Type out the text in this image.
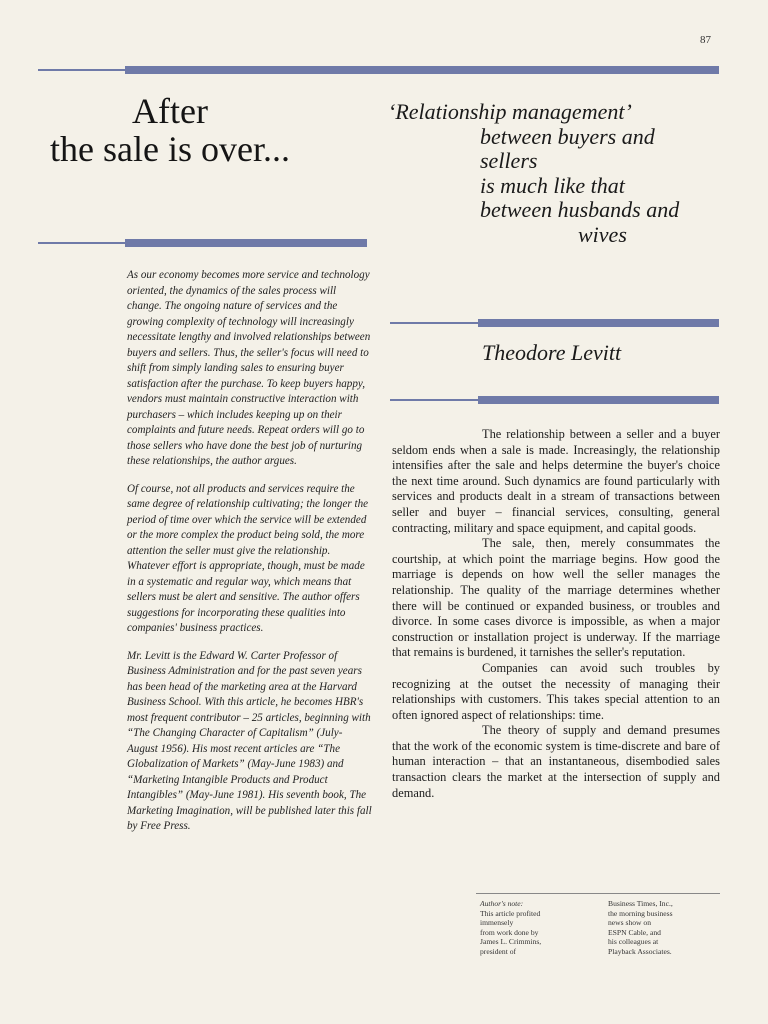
87
After
the sale is over...
‘Relationship management’
between buyers and
sellers
is much like that
between husbands and
wives
Theodore Levitt

As our economy becomes more service and technology oriented, the dynamics of the sales process will change. The ongoing nature of services and the growing complexity of technology will increasingly necessitate lengthy and involved relationships between buyers and sellers. Thus, the seller's focus will need to shift from simply landing sales to ensuring buyer satisfaction after the purchase. To keep buyers happy, vendors must maintain constructive interaction with purchasers – which includes keeping up on their complaints and future needs. Repeat orders will go to those sellers who have done the best job of nurturing these relationships, the author argues.

Of course, not all products and services require the same degree of relationship cultivating; the longer the period of time over which the service will be extended or the more complex the product being sold, the more attention the seller must give the relationship. Whatever effort is appropriate, though, must be made in a systematic and regular way, which means that sellers must be alert and sensitive. The author offers suggestions for incorporating these qualities into companies' business practices.

Mr. Levitt is the Edward W. Carter Professor of Business Administration and for the past seven years has been head of the marketing area at the Harvard Business School. With this article, he becomes HBR's most frequent contributor – 25 articles, beginning with “The Changing Character of Capitalism” (July-August 1956). His most recent articles are “The Globalization of Markets” (May-June 1983) and “Marketing Intangible Products and Product Intangibles” (May-June 1981). His seventh book, The Marketing Imagination, will be published later this fall by Free Press.

The relationship between a seller and a buyer seldom ends when a sale is made. Increasingly, the relationship intensifies after the sale and helps determine the buyer's choice the next time around. Such dynamics are found particularly with services and products dealt in a stream of transactions between seller and buyer – financial services, consulting, general contracting, military and space equipment, and capital goods.

The sale, then, merely consummates the courtship, at which point the marriage begins. How good the marriage is depends on how well the seller manages the relationship. The quality of the marriage determines whether there will be continued or expanded business, or troubles and divorce. In some cases divorce is impossible, as when a major construction or installation project is underway. If the marriage that remains is burdened, it tarnishes the seller's reputation.

Companies can avoid such troubles by recognizing at the outset the necessity of managing their relationships with customers. This takes special attention to an often ignored aspect of relationships: time.

The theory of supply and demand presumes that the work of the economic system is time-discrete and bare of human interaction – that an instantaneous, disembodied sales transaction clears the market at the intersection of supply and demand.

Author's note:
This article profited
immensely
from work done by
James L. Crimmins,
president of
Business Times, Inc.,
the morning business
news show on
ESPN Cable, and
his colleagues at
Playback Associates.
